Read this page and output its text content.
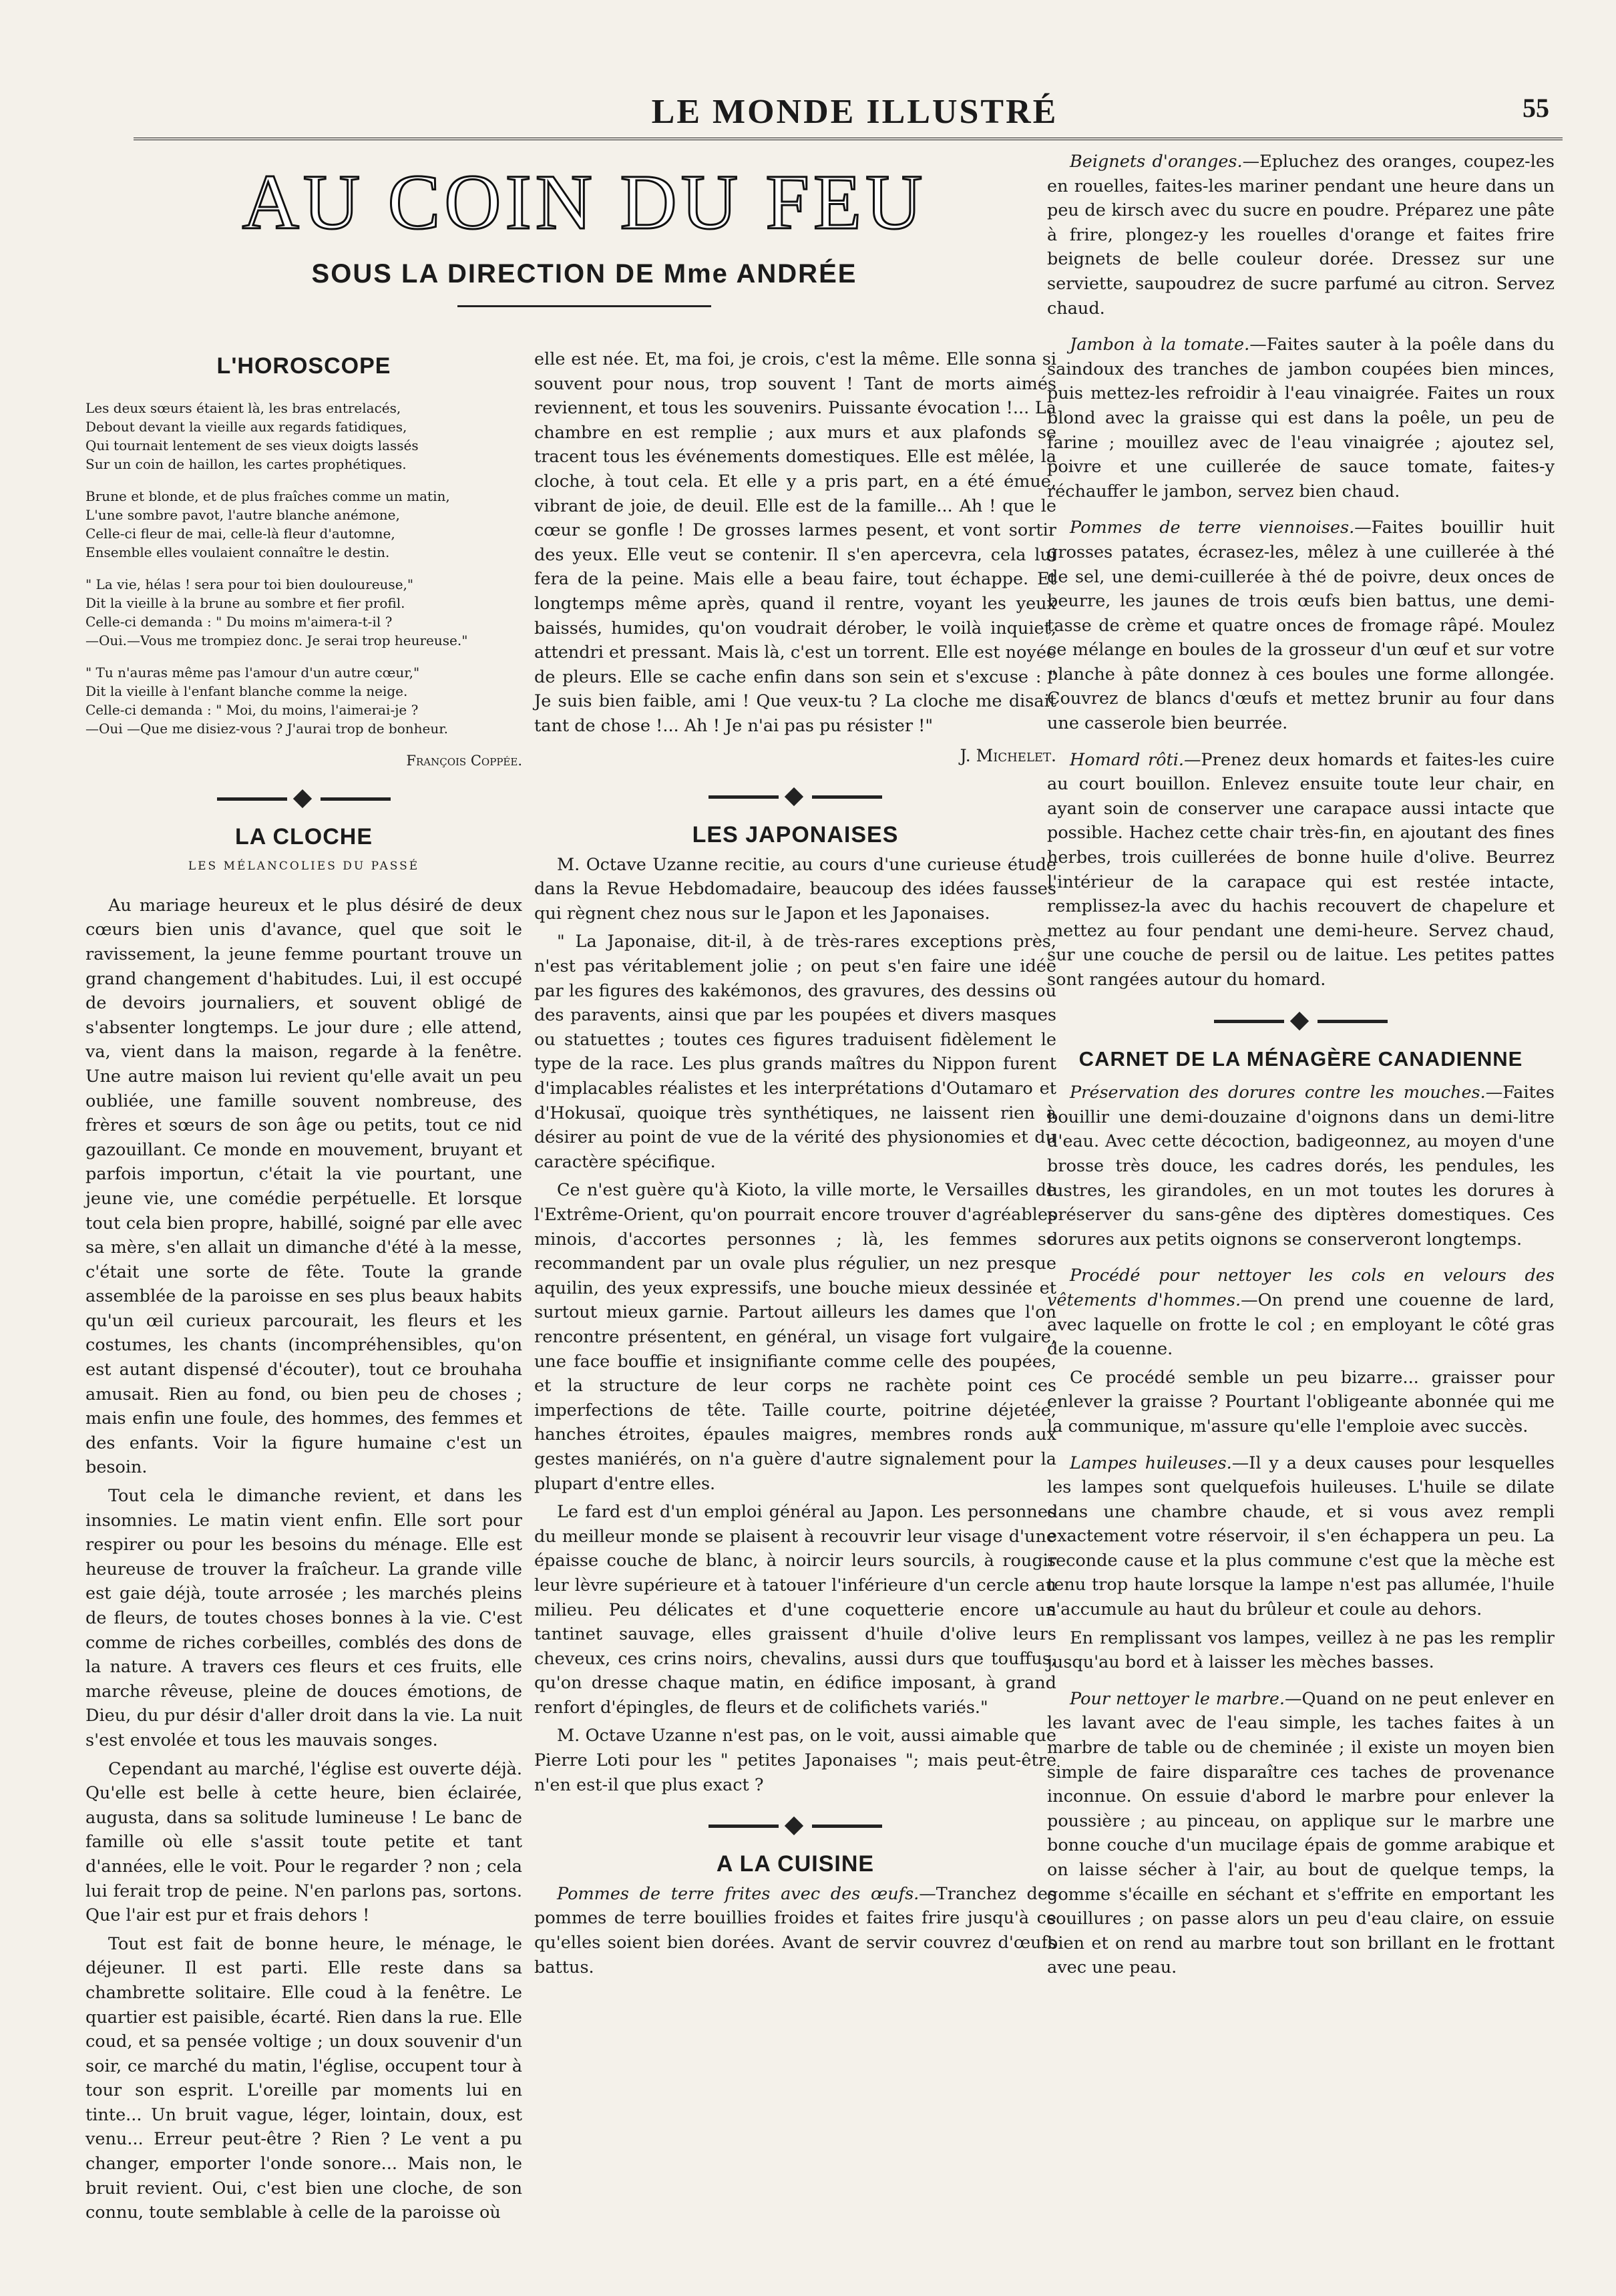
LE MONDE ILLUSTRÉ	55
AU COIN DU FEU
SOUS LA DIRECTION DE Mme ANDRÉE
L'HOROSCOPE
Les deux sœurs étaient là, les bras entrelacés,
Debout devant la vieille aux regards fatidiques,
Qui tournait lentement de ses vieux doigts lassés
Sur un coin de haillon, les cartes prophétiques.
Brune et blonde, et de plus fraîches comme un matin,
L'une sombre pavot, l'autre blanche anémone,
Celle-ci fleur de mai, celle-là fleur d'automne,
Ensemble elles voulaient connaître le destin.
" La vie, hélas ! sera pour toi bien douloureuse,"
Dit la vieille à la brune au sombre et fier profil.
Celle-ci demanda : " Du moins m'aimera-t-il ?
—Oui.—Vous me trompiez donc. Je serai trop heureuse."
" Tu n'auras même pas l'amour d'un autre cœur,"
Dit la vieille à l'enfant blanche comme la neige.
Celle-ci demanda : " Moi, du moins, l'aimerai-je ?
—Oui —Que me disiez-vous ? J'aurai trop de bonheur.
François Coppée.
LA CLOCHE
LES MÉLANCOLIES DU PASSÉ

Au mariage heureux et le plus désiré de deux cœurs bien unis d'avance, quel que soit le ravissement, la jeune femme pourtant trouve un grand changement d'habitudes. Lui, il est occupé de devoirs journaliers, et souvent obligé de s'absenter longtemps. Le jour dure ; elle attend, va, vient dans la maison, regarde à la fenêtre. Une autre maison lui revient qu'elle avait un peu oubliée, une famille souvent nombreuse, des frères et sœurs de son âge ou petits, tout ce nid gazouillant. Ce monde en mouvement, bruyant et parfois importun, c'était la vie pourtant, une jeune vie, une comédie perpétuelle. Et lorsque tout cela bien propre, habillé, soigné par elle avec sa mère, s'en allait un dimanche d'été à la messe, c'était une sorte de fête. Toute la grande assemblée de la paroisse en ses plus beaux habits qu'un œil curieux parcourait, les fleurs et les costumes, les chants (incompréhensibles, qu'on est autant dispensé d'écouter), tout ce brouhaha amusait. Rien au fond, ou bien peu de choses ; mais enfin une foule, des hommes, des femmes et des enfants. Voir la figure humaine c'est un besoin.

Tout cela le dimanche revient, et dans les insomnies. Le matin vient enfin. Elle sort pour respirer ou pour les besoins du ménage. Elle est heureuse de trouver la fraîcheur. La grande ville est gaie déjà, toute arrosée ; les marchés pleins de fleurs, de toutes choses bonnes à la vie. C'est comme de riches corbeilles, comblés des dons de la nature. A travers ces fleurs et ces fruits, elle marche rêveuse, pleine de douces émotions, de Dieu, du pur désir d'aller droit dans la vie. La nuit s'est envolée et tous les mauvais songes.

Cependant au marché, l'église est ouverte déjà. Qu'elle est belle à cette heure, bien éclairée, augusta, dans sa solitude lumineuse ! Le banc de famille où elle s'assit toute petite et tant d'années, elle le voit. Pour le regarder ? non ; cela lui ferait trop de peine. N'en parlons pas, sortons. Que l'air est pur et frais dehors !

Tout est fait de bonne heure, le ménage, le déjeuner. Il est parti. Elle reste dans sa chambrette solitaire. Elle coud à la fenêtre. Le quartier est paisible, écarté. Rien dans la rue. Elle coud, et sa pensée voltige ; un doux souvenir d'un soir, ce marché du matin, l'église, occupent tour à tour son esprit. L'oreille par moments lui en tinte... Un bruit vague, léger, lointain, doux, est venu... Erreur peut-être ? Rien ? Le vent a pu changer, emporter l'onde sonore... Mais non, le bruit revient. Oui, c'est bien une cloche, de son connu, toute semblable à celle de la paroisse où

elle est née. Et, ma foi, je crois, c'est la même. Elle sonna si souvent pour nous, trop souvent ! Tant de morts aimés reviennent, et tous les souvenirs. Puissante évocation !... La chambre en est remplie ; aux murs et aux plafonds se tracent tous les événements domestiques. Elle est mêlée, la cloche, à tout cela. Et elle y a pris part, en a été émue, vibrant de joie, de deuil. Elle est de la famille... Ah ! que le cœur se gonfle ! De grosses larmes pesent, et vont sortir des yeux. Elle veut se contenir. Il s'en apercevra, cela lui fera de la peine. Mais elle a beau faire, tout échappe. Et longtemps même après, quand il rentre, voyant les yeux baissés, humides, qu'on voudrait dérober, le voilà inquiet, attendri et pressant. Mais là, c'est un torrent. Elle est noyée de pleurs. Elle se cache enfin dans son sein et s'excuse : " Je suis bien faible, ami ! Que veux-tu ? La cloche me disait tant de chose !... Ah ! Je n'ai pas pu résister !"

J. Michelet.
LES JAPONAISES

M. Octave Uzanne recitie, au cours d'une curieuse étude dans la Revue Hebdomadaire, beaucoup des idées fausses qui règnent chez nous sur le Japon et les Japonaises.

" La Japonaise, dit-il, à de très-rares exceptions près, n'est pas véritablement jolie ; on peut s'en faire une idée par les figures des kakémonos, des gravures, des dessins ou des paravents, ainsi que par les poupées et divers masques ou statuettes ; toutes ces figures traduisent fidèlement le type de la race. Les plus grands maîtres du Nippon furent d'implacables réalistes et les interprétations d'Outamaro et d'Hokusaï, quoique très synthétiques, ne laissent rien à désirer au point de vue de la vérité des physionomies et du caractère spécifique.

Ce n'est guère qu'à Kioto, la ville morte, le Versailles de l'Extrême-Orient, qu'on pourrait encore trouver d'agréables minois, d'accortes personnes ; là, les femmes se recommandent par un ovale plus régulier, un nez presque aquilin, des yeux expressifs, une bouche mieux dessinée et surtout mieux garnie. Partout ailleurs les dames que l'on rencontre présentent, en général, un visage fort vulgaire, une face bouffie et insignifiante comme celle des poupées, et la structure de leur corps ne rachète point ces imperfections de tête. Taille courte, poitrine déjetée, hanches étroites, épaules maigres, membres ronds aux gestes maniérés, on n'a guère d'autre signalement pour la plupart d'entre elles.

Le fard est d'un emploi général au Japon. Les personnes du meilleur monde se plaisent à recouvrir leur visage d'une épaisse couche de blanc, à noircir leurs sourcils, à rougir leur lèvre supérieure et à tatouer l'inférieure d'un cercle au milieu. Peu délicates et d'une coquetterie encore un tantinet sauvage, elles graissent d'huile d'olive leurs cheveux, ces crins noirs, chevalins, aussi durs que touffus, qu'on dresse chaque matin, en édifice imposant, à grand renfort d'épingles, de fleurs et de colifichets variés."

M. Octave Uzanne n'est pas, on le voit, aussi aimable que Pierre Loti pour les " petites Japonaises "; mais peut-être n'en est-il que plus exact ?

A LA CUISINE

Pommes de terre frites avec des œufs.—Tranchez des pommes de terre bouillies froides et faites frire jusqu'à ce qu'elles soient bien dorées. Avant de servir couvrez d'œufs battus.

Beignets d'oranges.—Epluchez des oranges, coupez-les en rouelles, faites-les mariner pendant une heure dans un peu de kirsch avec du sucre en poudre. Préparez une pâte à frire, plongez-y les rouelles d'orange et faites frire beignets de belle couleur dorée. Dressez sur une serviette, saupoudrez de sucre parfumé au citron. Servez chaud.

Jambon à la tomate.—Faites sauter à la poêle dans du saindoux des tranches de jambon coupées bien minces, puis mettez-les refroidir à l'eau vinaigrée. Faites un roux blond avec la graisse qui est dans la poêle, un peu de farine ; mouillez avec de l'eau vinaigrée ; ajoutez sel, poivre et une cuillerée de sauce tomate, faites-y réchauffer le jambon, servez bien chaud.

Pommes de terre viennoises.—Faites bouillir huit grosses patates, écrasez-les, mêlez à une cuillerée à thé de sel, une demi-cuillerée à thé de poivre, deux onces de beurre, les jaunes de trois œufs bien battus, une demi-tasse de crème et quatre onces de fromage râpé. Moulez ce mélange en boules de la grosseur d'un œuf et sur votre planche à pâte donnez à ces boules une forme allongée. Couvrez de blancs d'œufs et mettez brunir au four dans une casserole bien beurrée.

Homard rôti.—Prenez deux homards et faites-les cuire au court bouillon. Enlevez ensuite toute leur chair, en ayant soin de conserver une carapace aussi intacte que possible. Hachez cette chair très-fin, en ajoutant des fines herbes, trois cuillerées de bonne huile d'olive. Beurrez l'intérieur de la carapace qui est restée intacte, remplissez-la avec du hachis recouvert de chapelure et mettez au four pendant une demi-heure. Servez chaud, sur une couche de persil ou de laitue. Les petites pattes sont rangées autour du homard.

CARNET DE LA MÉNAGÈRE CANADIENNE

Préservation des dorures contre les mouches.—Faites bouillir une demi-douzaine d'oignons dans un demi-litre d'eau. Avec cette décoction, badigeonnez, au moyen d'une brosse très douce, les cadres dorés, les pendules, les lustres, les girandoles, en un mot toutes les dorures à préserver du sans-gêne des diptères domestiques. Ces dorures aux petits oignons se conserveront longtemps.

Procédé pour nettoyer les cols en velours des vêtements d'hommes.—On prend une couenne de lard, avec laquelle on frotte le col ; en employant le côté gras de la couenne.

Ce procédé semble un peu bizarre... graisser pour enlever la graisse ? Pourtant l'obligeante abonnée qui me la communique, m'assure qu'elle l'emploie avec succès.

Lampes huileuses.—Il y a deux causes pour lesquelles les lampes sont quelquefois huileuses. L'huile se dilate dans une chambre chaude, et si vous avez rempli exactement votre réservoir, il s'en échappera un peu. La seconde cause et la plus commune c'est que la mèche est tenu trop haute lorsque la lampe n'est pas allumée, l'huile s'accumule au haut du brûleur et coule au dehors.

En remplissant vos lampes, veillez à ne pas les remplir jusqu'au bord et à laisser les mèches basses.

Pour nettoyer le marbre.—Quand on ne peut enlever en les lavant avec de l'eau simple, les taches faites à un marbre de table ou de cheminée ; il existe un moyen bien simple de faire disparaître ces taches de provenance inconnue. On essuie d'abord le marbre pour enlever la poussière ; au pinceau, on applique sur le marbre une bonne couche d'un mucilage épais de gomme arabique et on laisse sécher à l'air, au bout de quelque temps, la gomme s'écaille en séchant et s'effrite en emportant les souillures ; on passe alors un peu d'eau claire, on essuie bien et on rend au marbre tout son brillant en le frottant avec une peau.
